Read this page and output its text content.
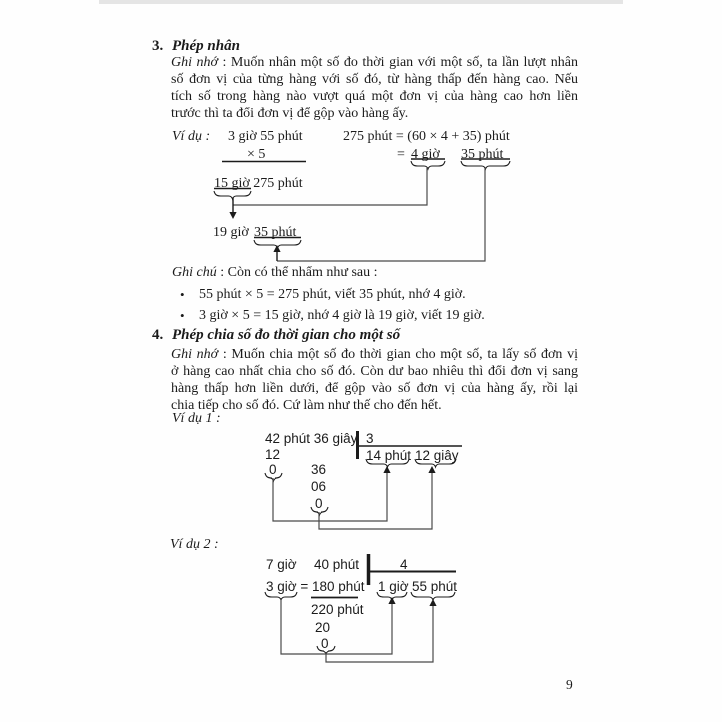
3. Phép nhân
Ghi nhớ : Muốn nhân một số đo thời gian với một số, ta lần lượt nhân
số đơn vị của từng hàng với số đó, từ hàng thấp đến hàng cao. Nếu
tích số trong hàng nào vượt quá một đơn vị của hàng cao hơn liền
trước thì ta đổi đơn vị để gộp vào hàng ấy.
Ví dụ : 3 giờ 55 phút	275 phút = (60 × 4 + 35) phút
× 5	= 4 giờ 35 phút
15 giờ 275 phút
19 giờ 35 phút
Ghi chú : Còn có thể nhẩm như sau :
• 55 phút × 5 = 275 phút, viết 35 phút, nhớ 4 giờ.
• 3 giờ × 5 = 15 giờ, nhớ 4 giờ là 19 giờ, viết 19 giờ.
4. Phép chia số đo thời gian cho một số
Ghi nhớ : Muốn chia một số đo thời gian cho một số, ta lấy số đơn vị
ở hàng cao nhất chia cho số đó. Còn dư bao nhiêu thì đổi đơn vị sang
hàng thấp hơn liền dưới, để gộp vào số đơn vị của hàng ấy, rồi lại
chia tiếp cho số đó. Cứ làm như thế cho đến hết.
Ví dụ 1 :
42 phút 36 giây 3
12	14 phút 12 giây
0	36
06
0
Ví dụ 2 :
7 giờ 40 phút	4
3 giờ = 180 phút 1 giờ 55 phút
220 phút
20
0
9
